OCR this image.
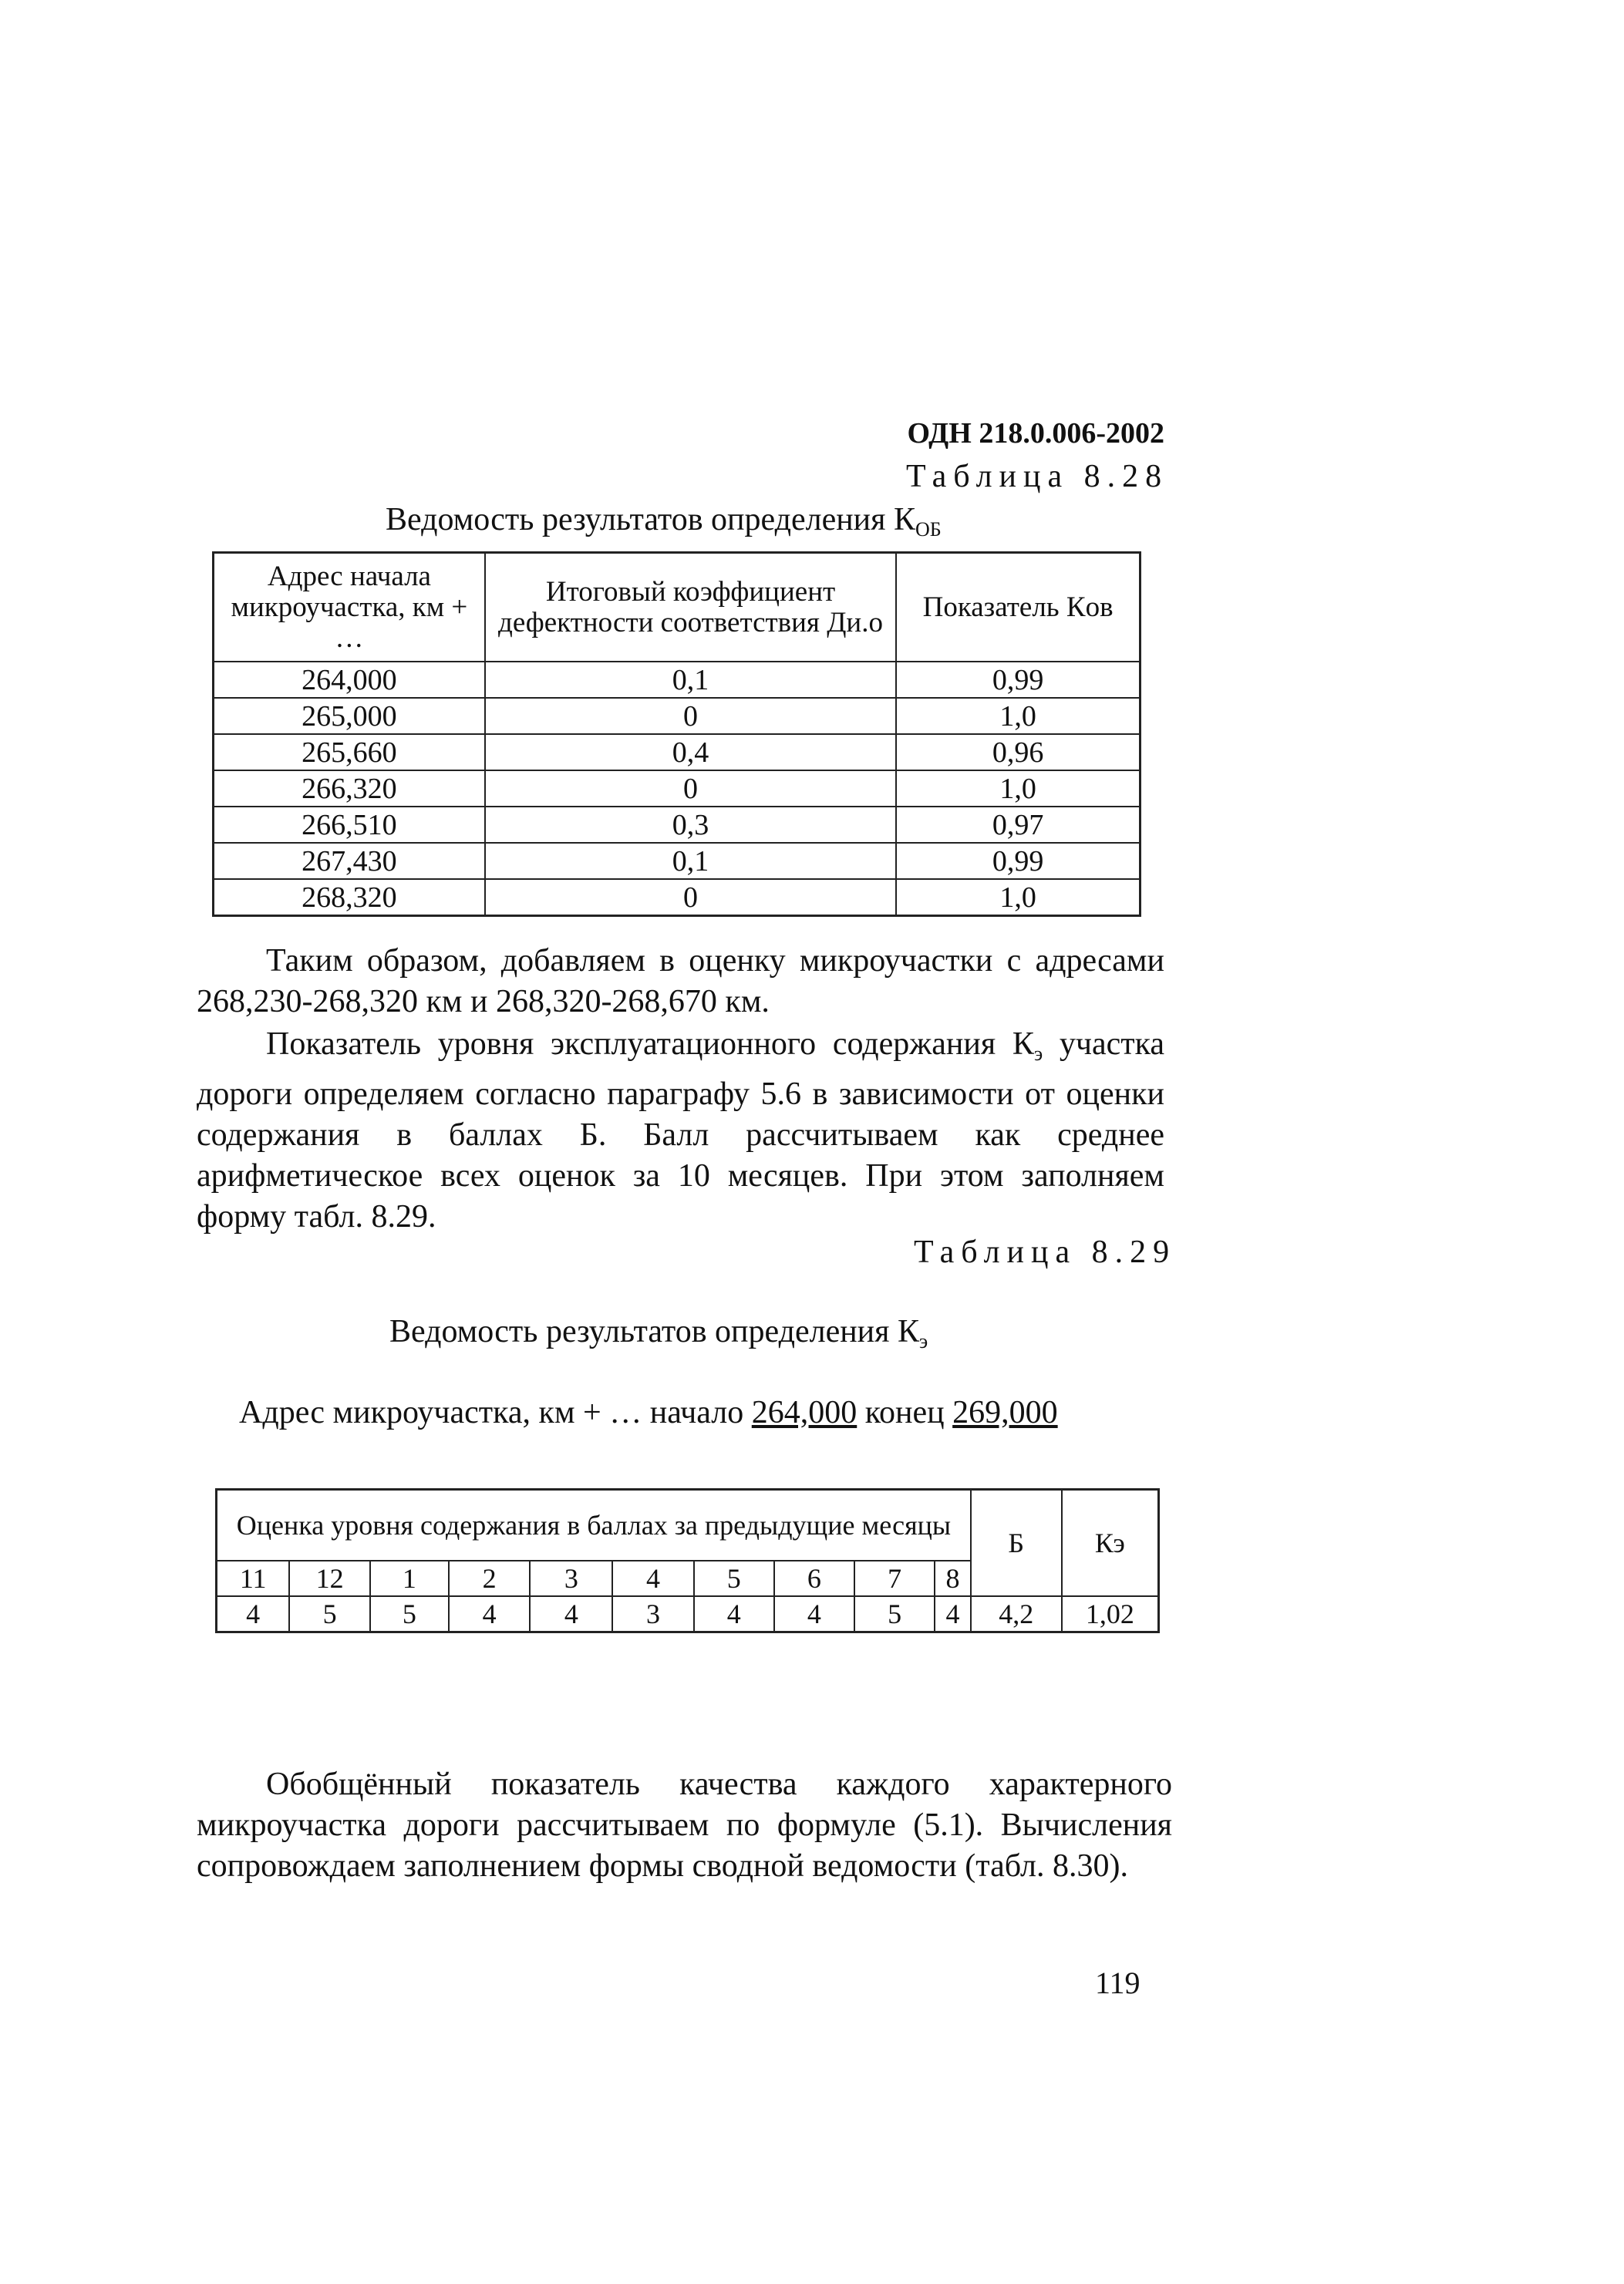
ОДН 218.0.006-2002
Таблица 8.28
Ведомость результатов определения $К_{ОБ}$
Адрес начала микроучастка, км + …	Итоговый коэффициент дефектности соответствия Ди.о	Показатель Кᴏʙ
264,000	0,1	0,99
265,000	0	1,0
265,660	0,4	0,96
266,320	0	1,0
266,510	0,3	0,97
267,430	0,1	0,99
268,320	0	1,0

Таким образом, добавляем в оценку микроучастки с адресами 268,230-268,320 км и 268,320-268,670 км.

Показатель уровня эксплуатационного содержания $К_э$ участка дороги определяем согласно параграфу 5.6 в зависимости от оценки содержания в баллах Б. Балл рассчитываем как среднее арифметическое всех оценок за 10 месяцев. При этом заполняем форму табл. 8.29.

Таблица 8.29
Ведомость результатов определения $К_э$
Адрес микроучастка, км + … начало 264,000 конец 269,000
Оценка уровня содержания в баллах за предыдущие месяцы										Б	Кэ
11	12	1	2	3	4	5	6	7	8		
4	5	5	4	4	3	4	4	5	4	4,2	1,02

Обобщённый показатель качества каждого характерного микроучастка дороги рассчитываем по формуле (5.1). Вычисления сопровождаем заполнением формы сводной ведомости (табл. 8.30).

119
